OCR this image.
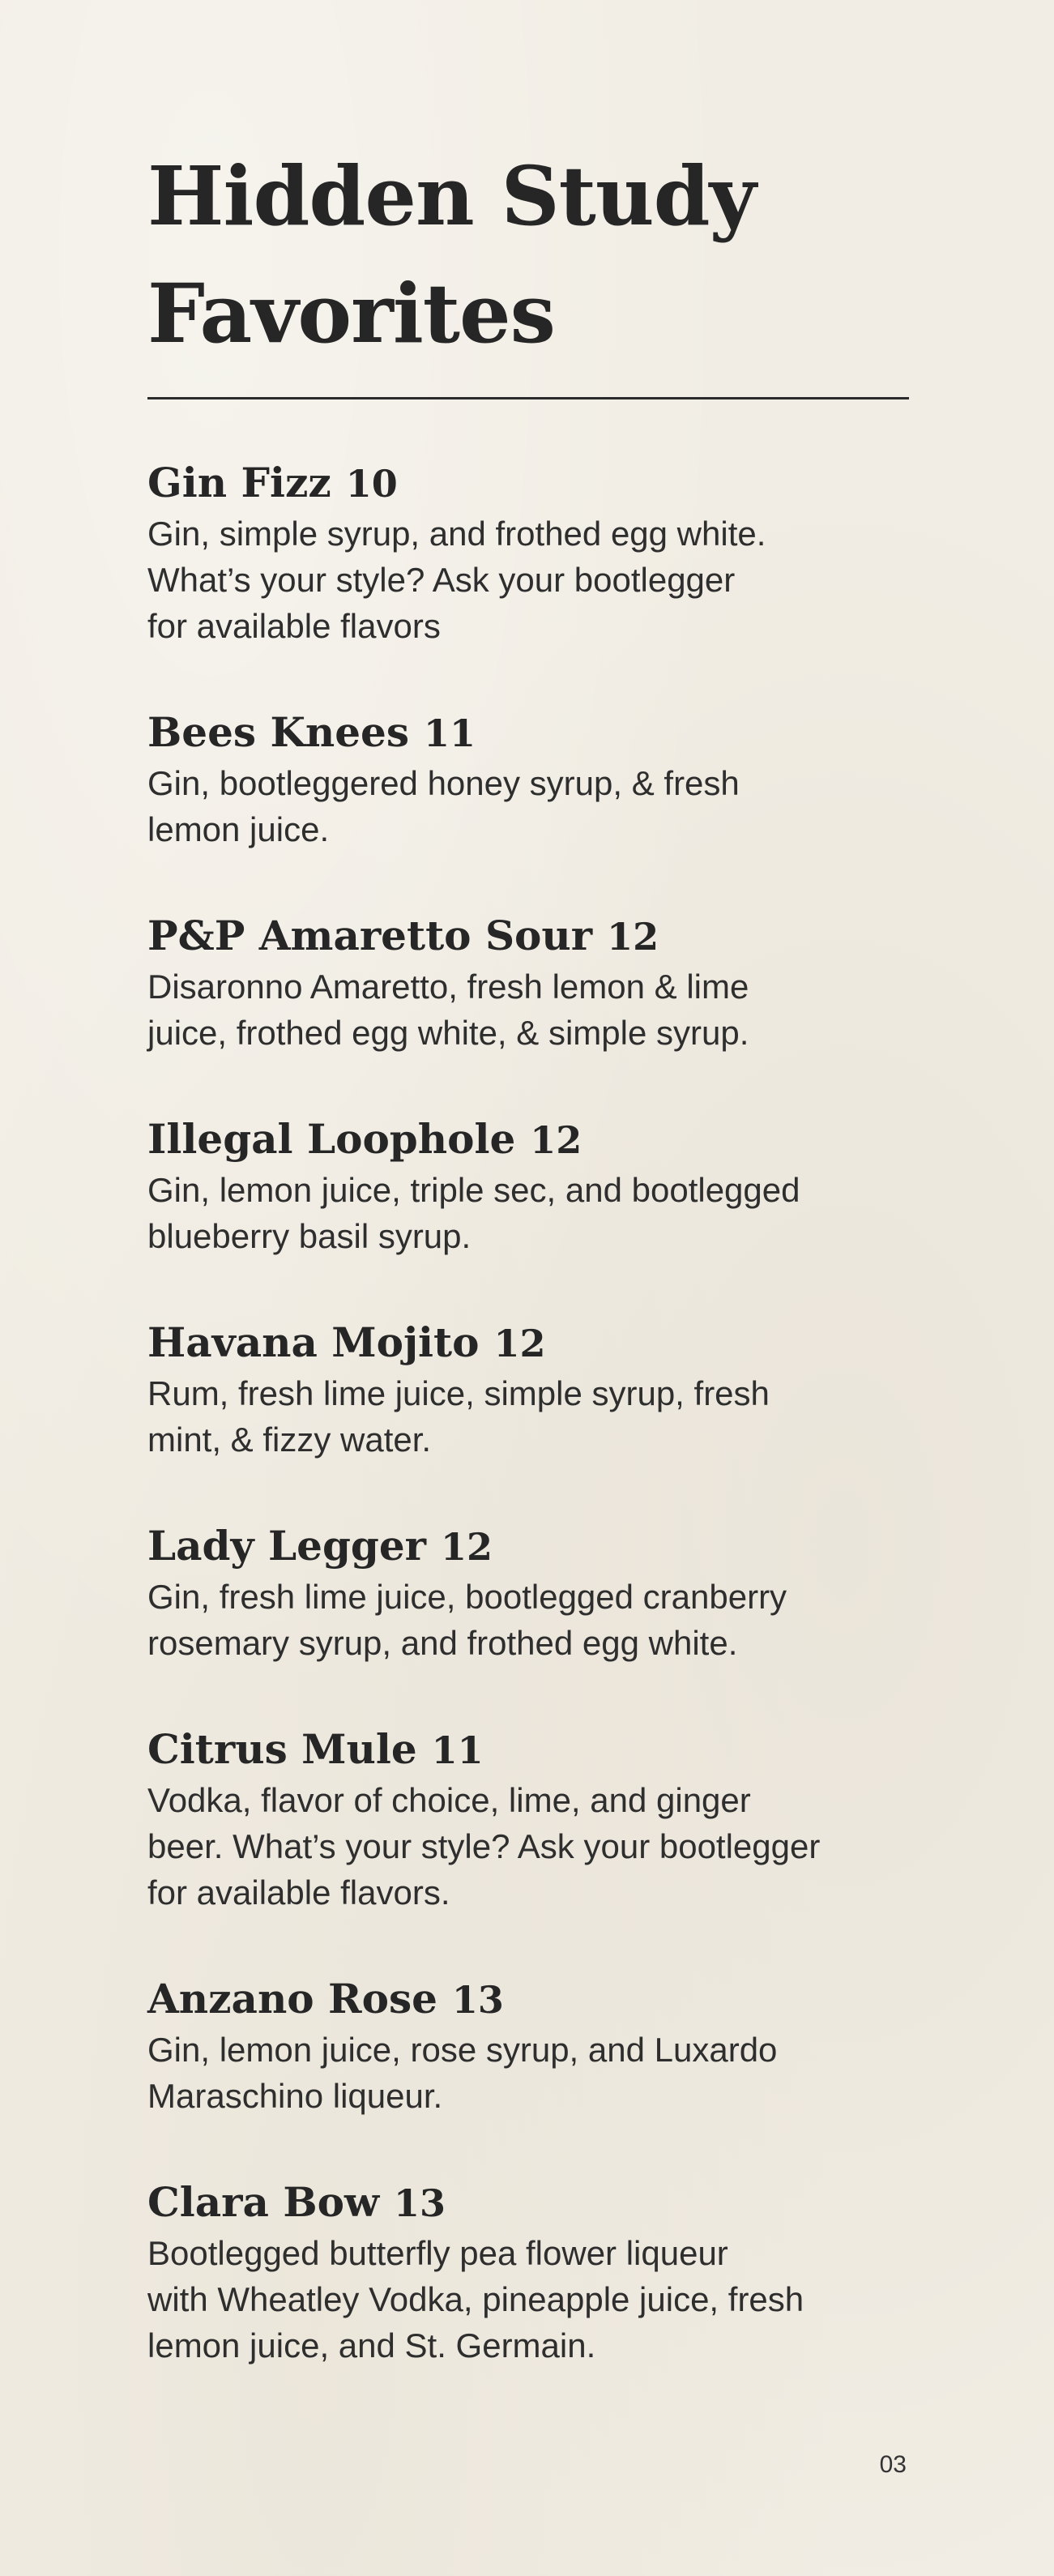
Hidden Study
Favorites
Gin Fizz 10
Gin, simple syrup, and frothed egg white.
What’s your style? Ask your bootlegger
for available flavors
Bees Knees 11
Gin, bootleggered honey syrup, & fresh
lemon juice.
P&P Amaretto Sour 12
Disaronno Amaretto, fresh lemon & lime
juice, frothed egg white, & simple syrup.
Illegal Loophole 12
Gin, lemon juice, triple sec, and bootlegged
blueberry basil syrup.
Havana Mojito 12
Rum, fresh lime juice, simple syrup, fresh
mint, & fizzy water.
Lady Legger 12
Gin, fresh lime juice, bootlegged cranberry
rosemary syrup, and frothed egg white.
Citrus Mule 11
Vodka, flavor of choice, lime, and ginger
beer. What’s your style? Ask your bootlegger
for available flavors.
Anzano Rose 13
Gin, lemon juice, rose syrup, and Luxardo
Maraschino liqueur.
Clara Bow 13
Bootlegged butterfly pea flower liqueur
with Wheatley Vodka, pineapple juice, fresh
lemon juice, and St. Germain.
03
